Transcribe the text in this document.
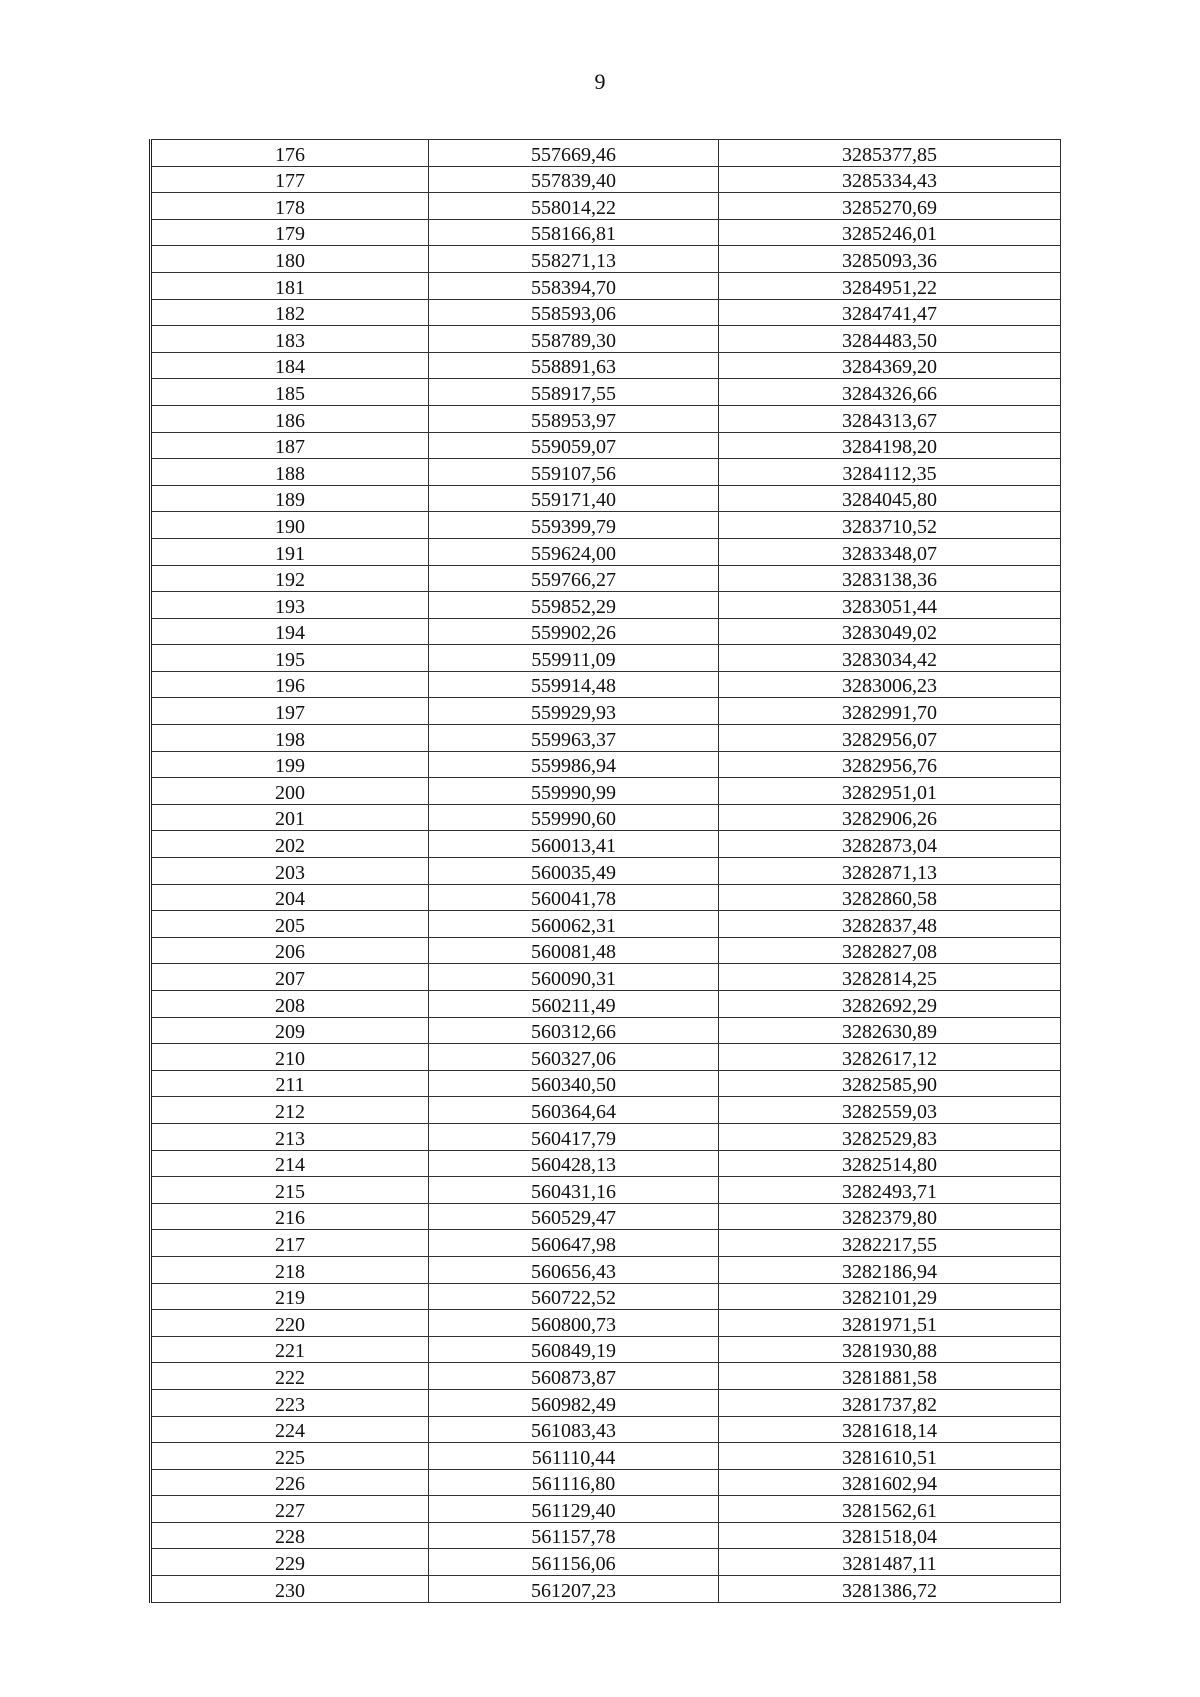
9
176	557669,46	3285377,85
177	557839,40	3285334,43
178	558014,22	3285270,69
179	558166,81	3285246,01
180	558271,13	3285093,36
181	558394,70	3284951,22
182	558593,06	3284741,47
183	558789,30	3284483,50
184	558891,63	3284369,20
185	558917,55	3284326,66
186	558953,97	3284313,67
187	559059,07	3284198,20
188	559107,56	3284112,35
189	559171,40	3284045,80
190	559399,79	3283710,52
191	559624,00	3283348,07
192	559766,27	3283138,36
193	559852,29	3283051,44
194	559902,26	3283049,02
195	559911,09	3283034,42
196	559914,48	3283006,23
197	559929,93	3282991,70
198	559963,37	3282956,07
199	559986,94	3282956,76
200	559990,99	3282951,01
201	559990,60	3282906,26
202	560013,41	3282873,04
203	560035,49	3282871,13
204	560041,78	3282860,58
205	560062,31	3282837,48
206	560081,48	3282827,08
207	560090,31	3282814,25
208	560211,49	3282692,29
209	560312,66	3282630,89
210	560327,06	3282617,12
211	560340,50	3282585,90
212	560364,64	3282559,03
213	560417,79	3282529,83
214	560428,13	3282514,80
215	560431,16	3282493,71
216	560529,47	3282379,80
217	560647,98	3282217,55
218	560656,43	3282186,94
219	560722,52	3282101,29
220	560800,73	3281971,51
221	560849,19	3281930,88
222	560873,87	3281881,58
223	560982,49	3281737,82
224	561083,43	3281618,14
225	561110,44	3281610,51
226	561116,80	3281602,94
227	561129,40	3281562,61
228	561157,78	3281518,04
229	561156,06	3281487,11
230	561207,23	3281386,72
